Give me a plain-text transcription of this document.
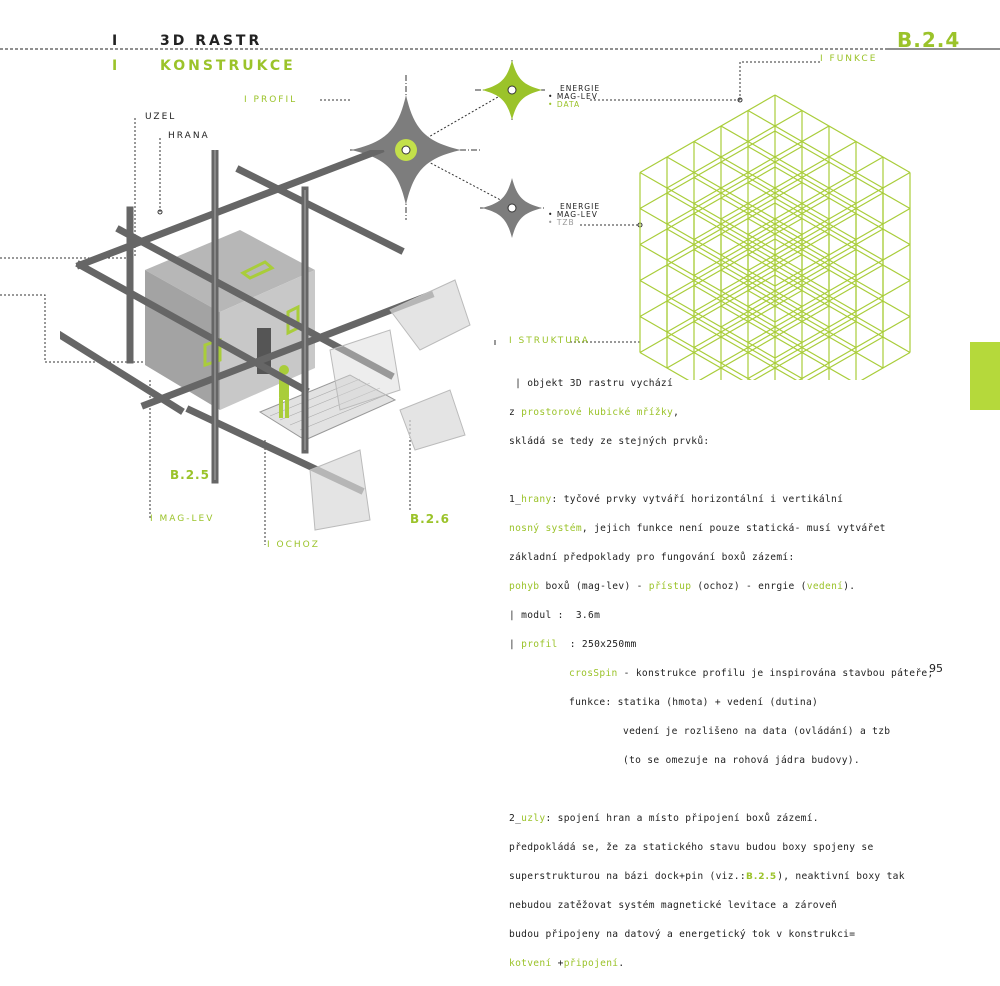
I	3D RASTR
I	KONSTRUKCE
B.2.4
I FUNKCE
I PROFIL
UZEL
HRANA
ENERGIE
• MAG-LEV
• DATA
ENERGIE
• MAG-LEV
• TZB
B.2.5
B.2.6
I MAG-LEV
I OCHOZ
I STRUKTURA

| objekt 3D rastru vychází

z prostorové kubické mřížky,

skládá se tedy ze stejných prvků:

1_hrany: tyčové prvky vytváří horizontální i vertikální

nosný systém, jejich funkce není pouze statická- musí vytvářet

základní předpoklady pro fungování boxů zázemí:

pohyb boxů (mag-lev) - přístup (ochoz) - enrgie (vedení).

| modul :  3.6m

| profil  : 250x250mm

crosSpin - konstrukce profilu je inspirována stavbou páteře;

funkce: statika (hmota) + vedení (dutina)

vedení je rozlišeno na data (ovládání) a tzb

(to se omezuje na rohová jádra budovy).

2_uzly: spojení hran a místo připojení boxů zázemí.

předpokládá se, že za statického stavu budou boxy spojeny se

superstrukturou na bázi dock+pin (viz.:B.2.5), neaktivní boxy tak

nebudou zatěžovat systém magnetické levitace a zároveň

budou připojeny na datový a energetický tok v konstrukci=

kotvení +připojení.

95
